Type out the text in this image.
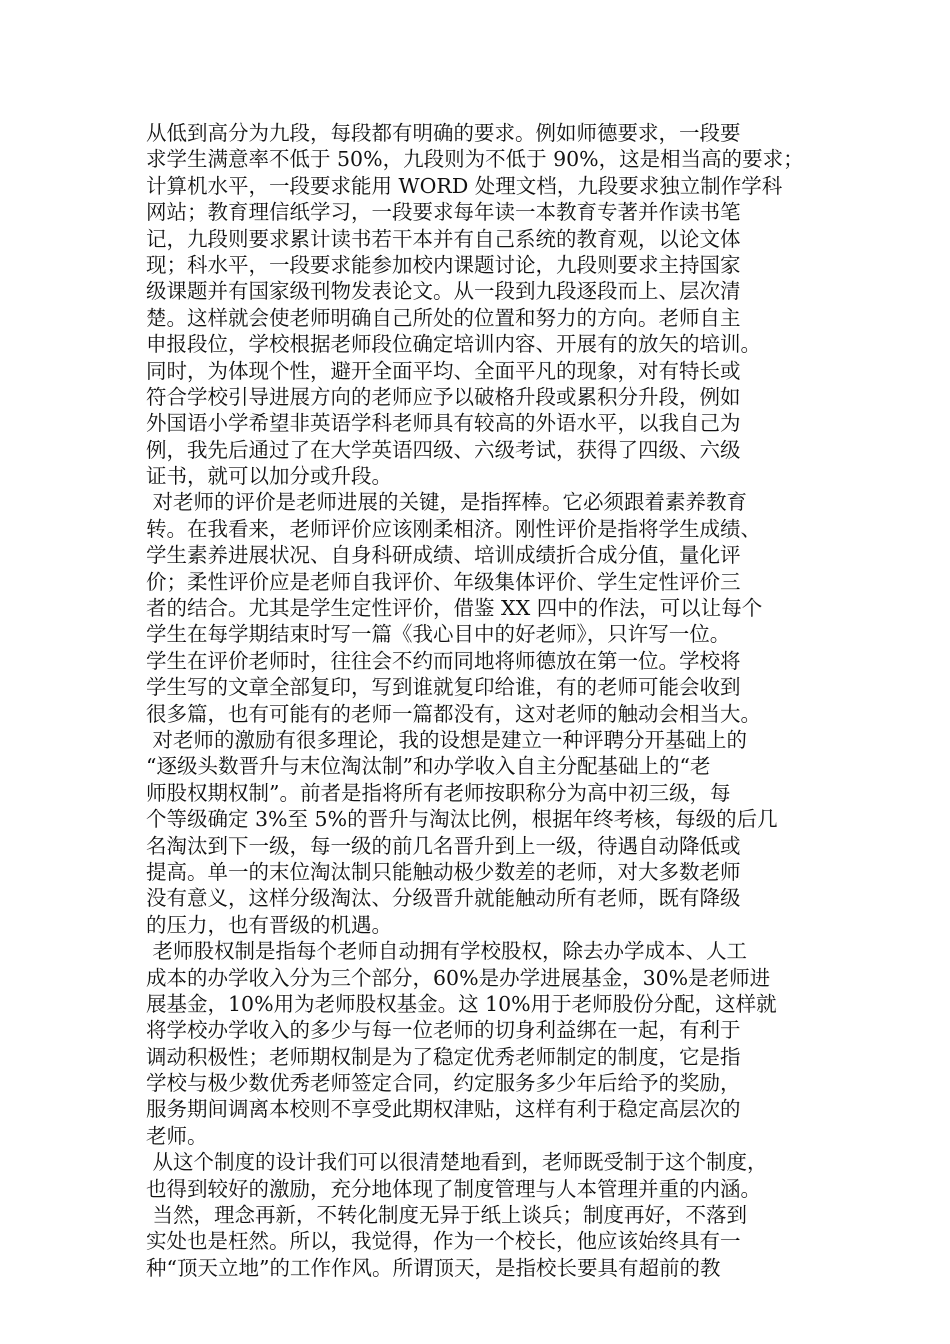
从低到高分为九段，每段都有明确的要求。例如师德要求，一段要
求学生满意率不低于 50%，九段则为不低于 90%，这是相当高的要求；
计算机水平，一段要求能用 WORD 处理文档，九段要求独立制作学科
网站；教育理信纸学习，一段要求每年读一本教育专著并作读书笔
记，九段则要求累计读书若干本并有自己系统的教育观，以论文体
现；科水平，一段要求能参加校内课题讨论，九段则要求主持国家
级课题并有国家级刊物发表论文。从一段到九段逐段而上、层次清
楚。这样就会使老师明确自己所处的位置和努力的方向。老师自主
申报段位，学校根据老师段位确定培训内容、开展有的放矢的培训。
同时，为体现个性，避开全面平均、全面平凡的现象，对有特长或
符合学校引导进展方向的老师应予以破格升段或累积分升段，例如
外国语小学希望非英语学科老师具有较高的外语水平，以我自己为
例，我先后通过了在大学英语四级、六级考试，获得了四级、六级
证书，就可以加分或升段。
对老师的评价是老师进展的关键，是指挥棒。它必须跟着素养教育
转。在我看来，老师评价应该刚柔相济。刚性评价是指将学生成绩、
学生素养进展状况、自身科研成绩、培训成绩折合成分值，量化评
价；柔性评价应是老师自我评价、年级集体评价、学生定性评价三
者的结合。尤其是学生定性评价，借鉴 XX 四中的作法，可以让每个
学生在每学期结束时写一篇《我心目中的好老师》，只许写一位。
学生在评价老师时，往往会不约而同地将师德放在第一位。学校将
学生写的文章全部复印，写到谁就复印给谁，有的老师可能会收到
很多篇，也有可能有的老师一篇都没有，这对老师的触动会相当大。
对老师的激励有很多理论，我的设想是建立一种评聘分开基础上的
“逐级头数晋升与末位淘汰制”和办学收入自主分配基础上的“老
师股权期权制”。前者是指将所有老师按职称分为高中初三级，每
个等级确定 3%至 5%的晋升与淘汰比例，根据年终考核，每级的后几
名淘汰到下一级，每一级的前几名晋升到上一级，待遇自动降低或
提高。单一的末位淘汰制只能触动极少数差的老师，对大多数老师
没有意义，这样分级淘汰、分级晋升就能触动所有老师，既有降级
的压力，也有晋级的机遇。
老师股权制是指每个老师自动拥有学校股权，除去办学成本、人工
成本的办学收入分为三个部分，60%是办学进展基金，30%是老师进
展基金，10%用为老师股权基金。这 10%用于老师股份分配，这样就
将学校办学收入的多少与每一位老师的切身利益绑在一起，有利于
调动积极性；老师期权制是为了稳定优秀老师制定的制度，它是指
学校与极少数优秀老师签定合同，约定服务多少年后给予的奖励，
服务期间调离本校则不享受此期权津贴，这样有利于稳定高层次的
老师。
从这个制度的设计我们可以很清楚地看到，老师既受制于这个制度，
也得到较好的激励，充分地体现了制度管理与人本管理并重的内涵。
当然，理念再新，不转化制度无异于纸上谈兵；制度再好，不落到
实处也是枉然。所以，我觉得，作为一个校长，他应该始终具有一
种“顶天立地”的工作作风。所谓顶天，是指校长要具有超前的教
